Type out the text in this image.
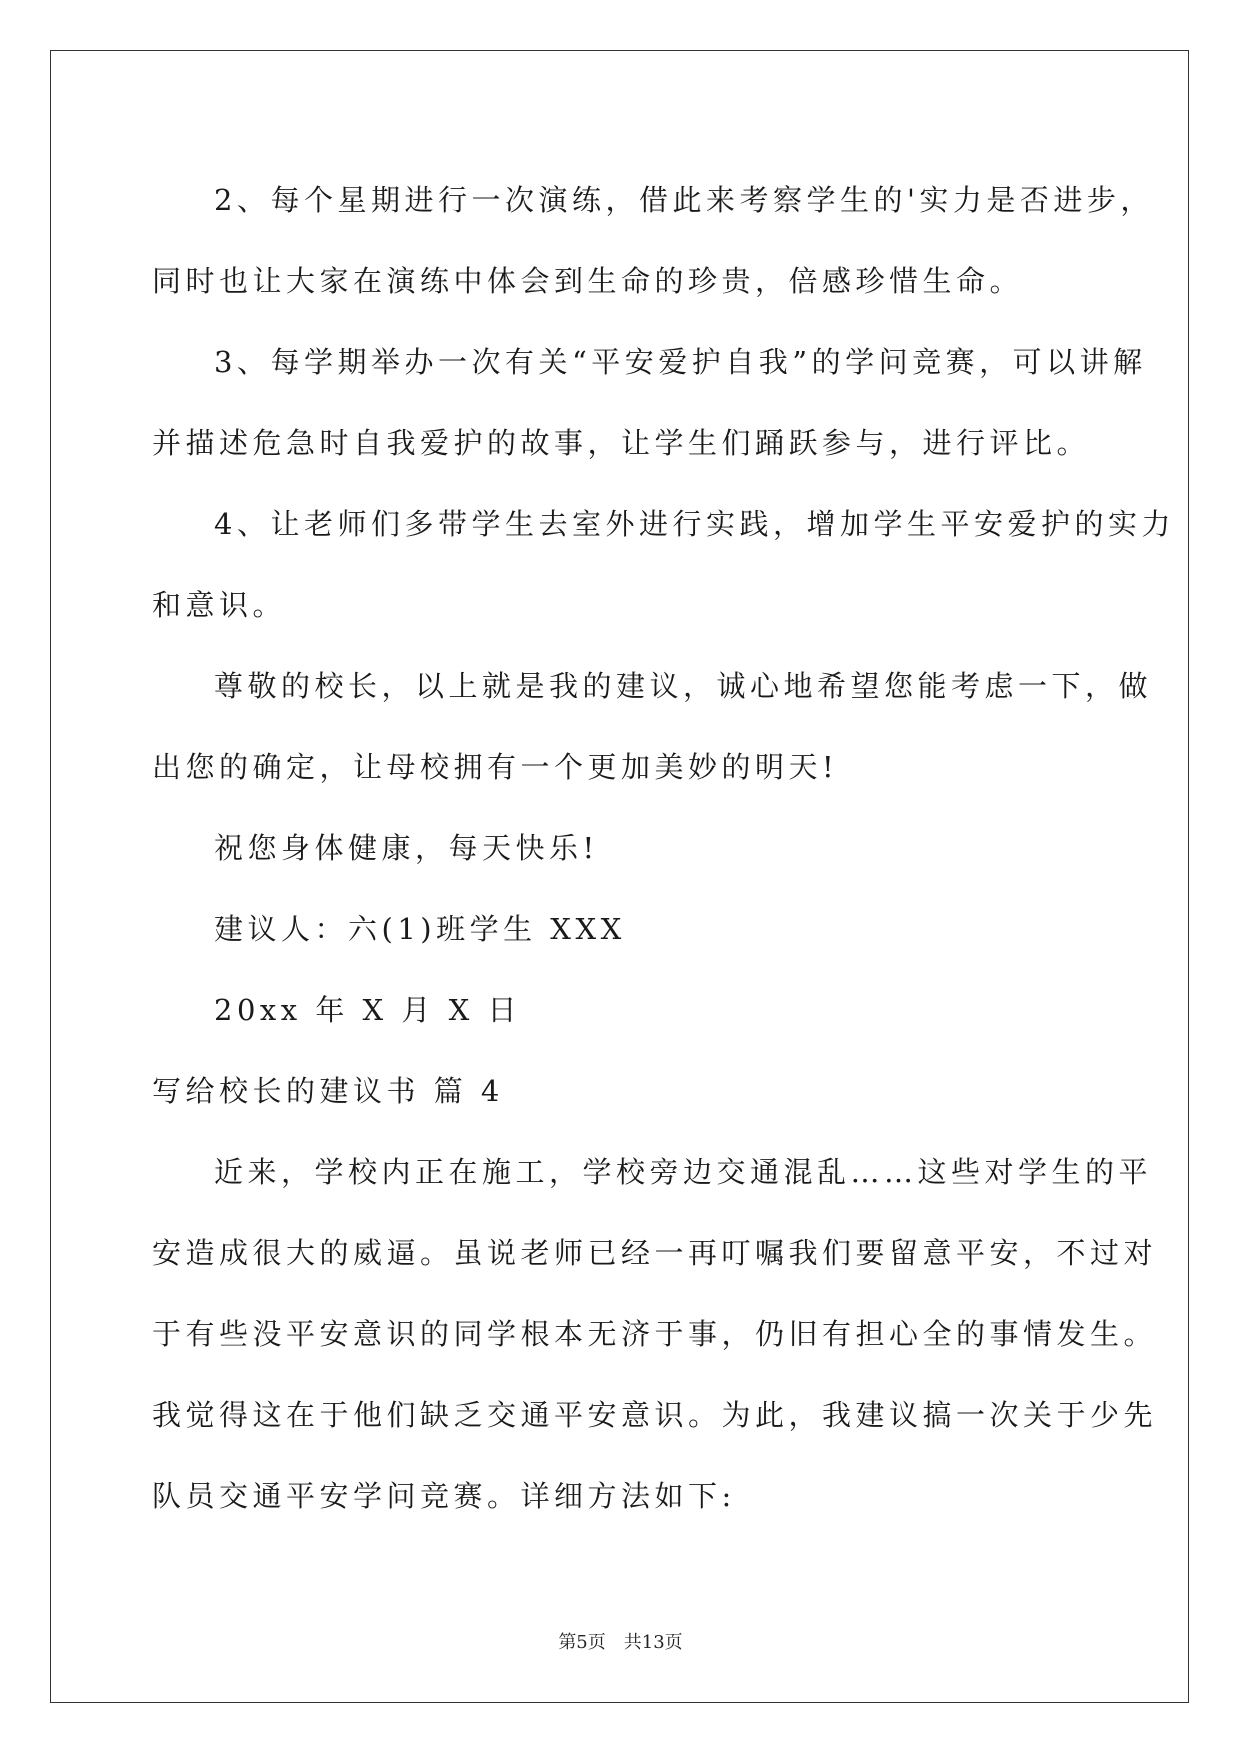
2、每个星期进行一次演练，借此来考察学生的'实力是否进步，
同时也让大家在演练中体会到生命的珍贵，倍感珍惜生命。
3、每学期举办一次有关“平安爱护自我”的学问竞赛，可以讲解
并描述危急时自我爱护的故事，让学生们踊跃参与，进行评比。
4、让老师们多带学生去室外进行实践，增加学生平安爱护的实力
和意识。
尊敬的校长，以上就是我的建议，诚心地希望您能考虑一下，做
出您的确定，让母校拥有一个更加美妙的明天!
祝您身体健康，每天快乐!
建议人：六(1)班学生 XXX
20xx 年 X 月 X 日
写给校长的建议书 篇 4
近来，学校内正在施工，学校旁边交通混乱……这些对学生的平
安造成很大的威逼。虽说老师已经一再叮嘱我们要留意平安，不过对
于有些没平安意识的同学根本无济于事，仍旧有担心全的事情发生。
我觉得这在于他们缺乏交通平安意识。为此，我建议搞一次关于少先
队员交通平安学问竞赛。详细方法如下:
第5页 共13页
